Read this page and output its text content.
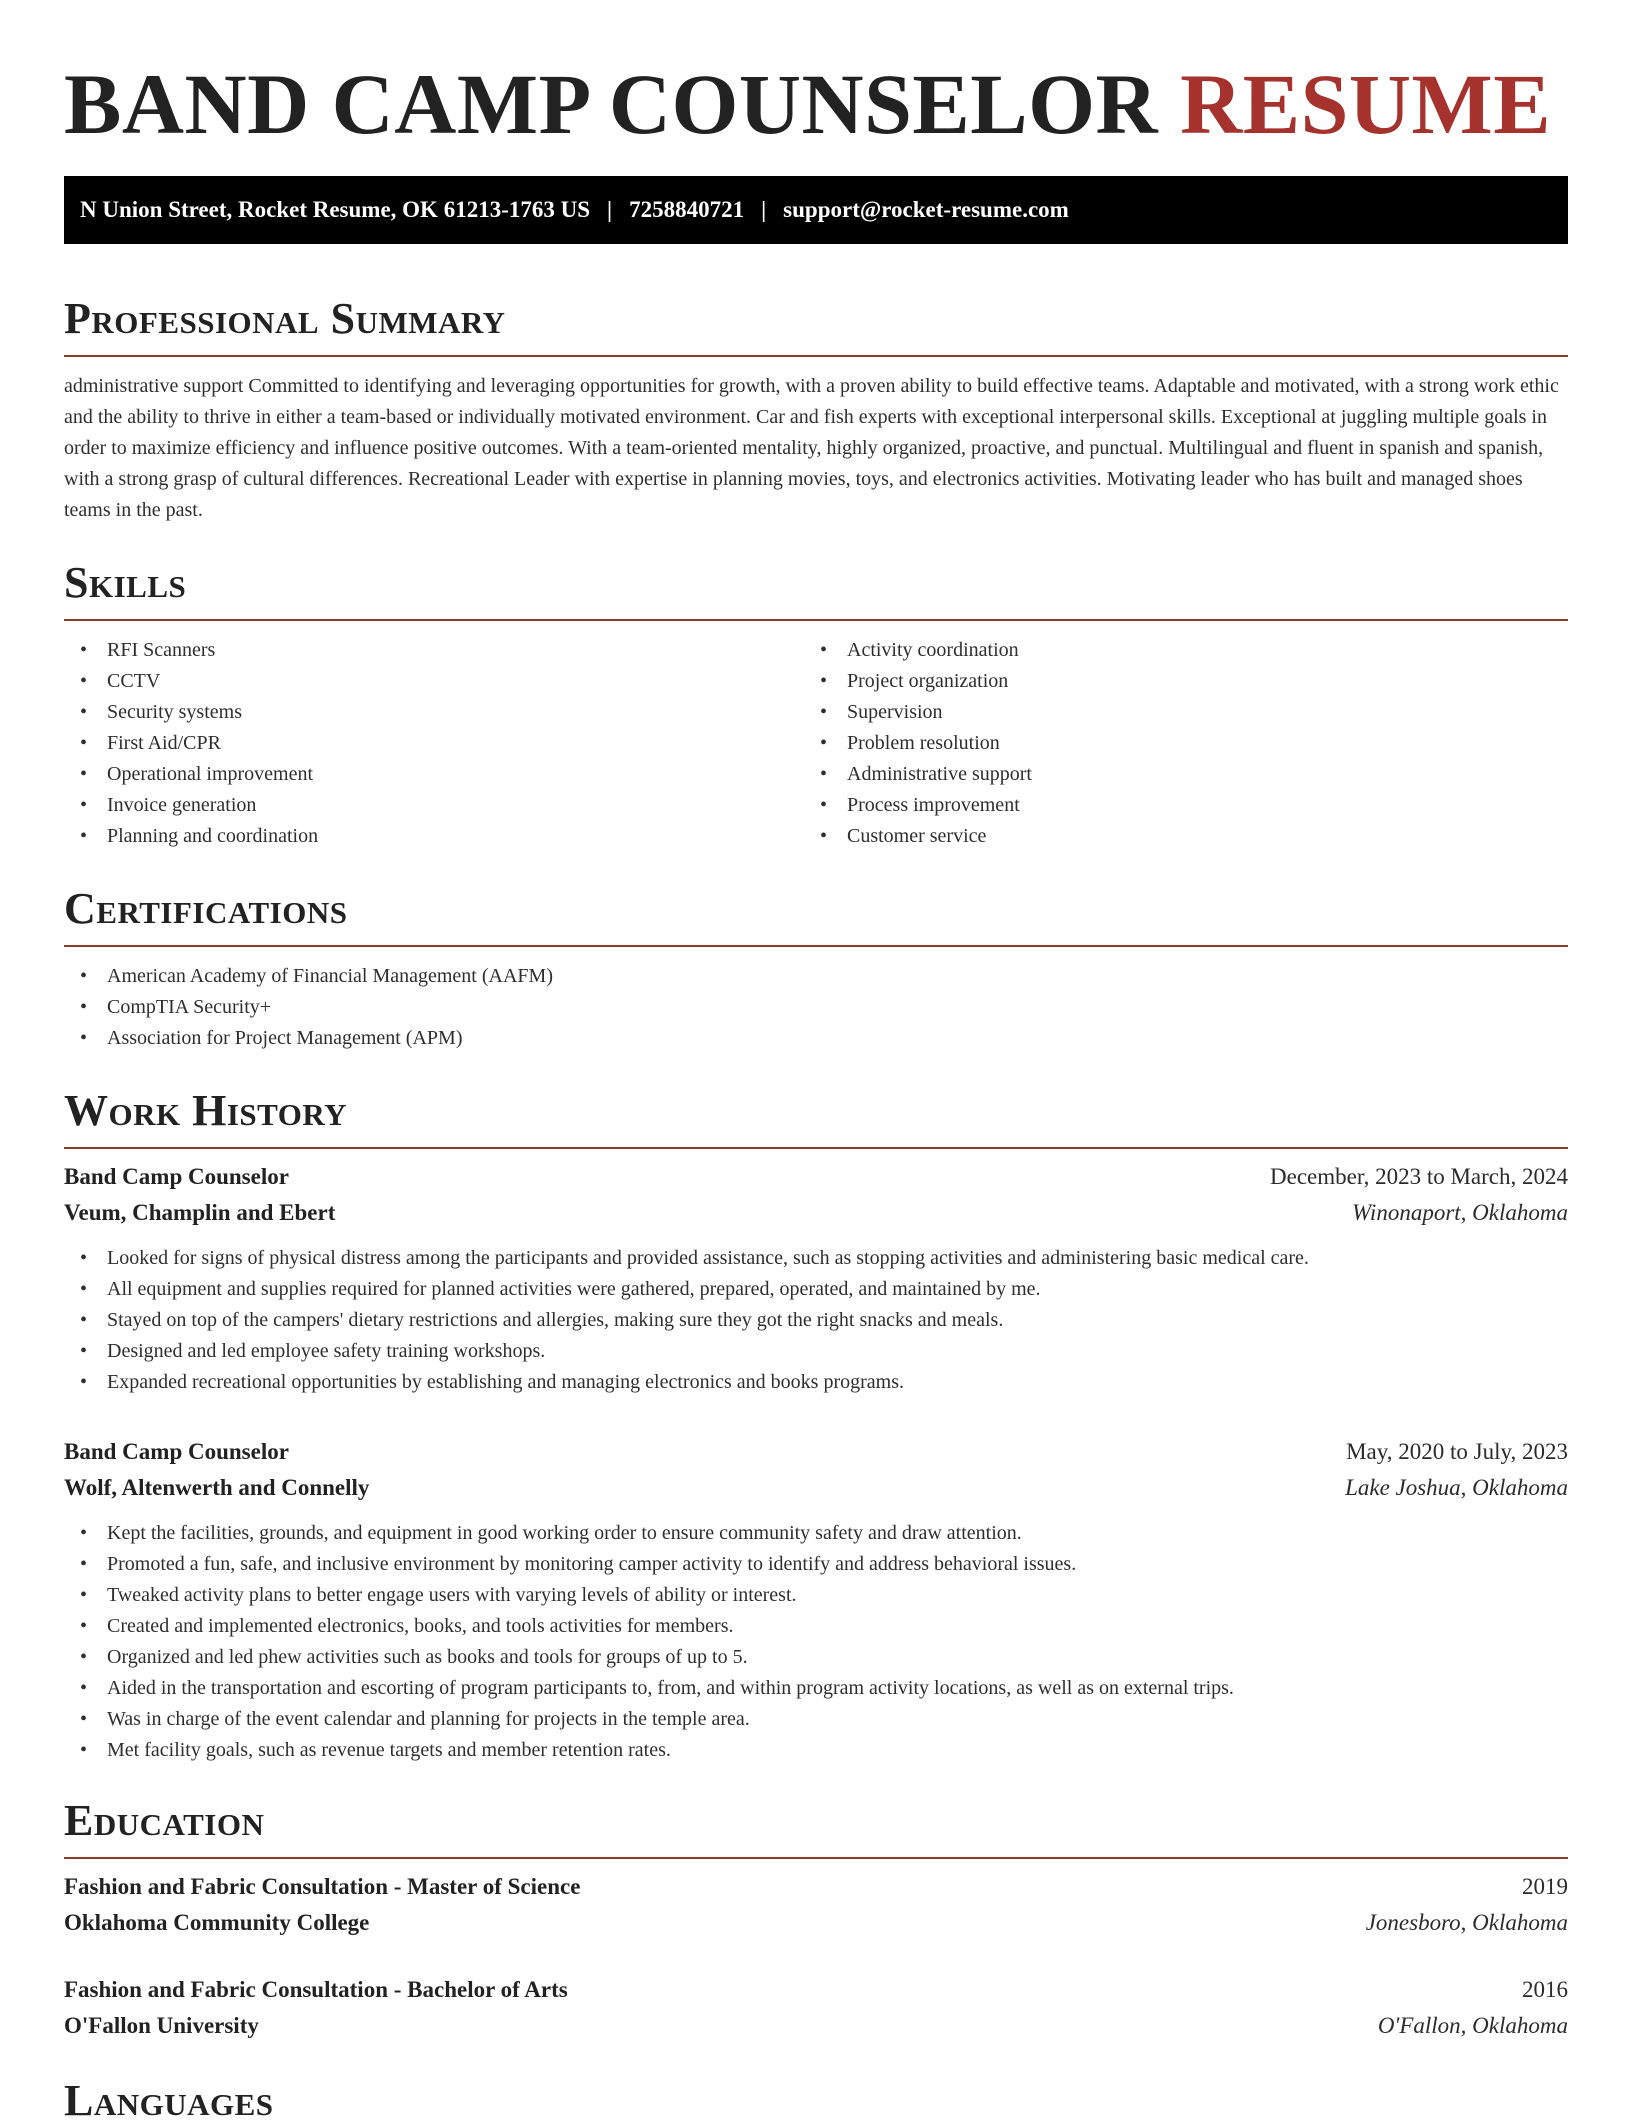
BAND CAMP COUNSELOR RESUME
N Union Street, Rocket Resume, OK 61213-1763 US | 7258840721 | support@rocket-resume.com
Professional Summary

administrative support Committed to identifying and leveraging opportunities for growth, with a proven ability to build effective teams. Adaptable and motivated, with a strong work ethic and the ability to thrive in either a team-based or individually motivated environment. Car and fish experts with exceptional interpersonal skills. Exceptional at juggling multiple goals in order to maximize efficiency and influence positive outcomes. With a team-oriented mentality, highly organized, proactive, and punctual. Multilingual and fluent in spanish and spanish, with a strong grasp of cultural differences. Recreational Leader with expertise in planning movies, toys, and electronics activities. Motivating leader who has built and managed shoes teams in the past.

Skills
• RFI Scanners
• CCTV
• Security systems
• First Aid/CPR
• Operational improvement
• Invoice generation
• Planning and coordination
• Activity coordination
• Project organization
• Supervision
• Problem resolution
• Administrative support
• Process improvement
• Customer service
Certifications
• American Academy of Financial Management (AAFM)
• CompTIA Security+
• Association for Project Management (APM)
Work History
Band Camp Counselor	December, 2023 to March, 2024
Veum, Champlin and Ebert	Winonaport, Oklahoma
• Looked for signs of physical distress among the participants and provided assistance, such as stopping activities and administering basic medical care.
• All equipment and supplies required for planned activities were gathered, prepared, operated, and maintained by me.
• Stayed on top of the campers' dietary restrictions and allergies, making sure they got the right snacks and meals.
• Designed and led employee safety training workshops.
• Expanded recreational opportunities by establishing and managing electronics and books programs.
Band Camp Counselor	May, 2020 to July, 2023
Wolf, Altenwerth and Connelly	Lake Joshua, Oklahoma
• Kept the facilities, grounds, and equipment in good working order to ensure community safety and draw attention.
• Promoted a fun, safe, and inclusive environment by monitoring camper activity to identify and address behavioral issues.
• Tweaked activity plans to better engage users with varying levels of ability or interest.
• Created and implemented electronics, books, and tools activities for members.
• Organized and led phew activities such as books and tools for groups of up to 5.
• Aided in the transportation and escorting of program participants to, from, and within program activity locations, as well as on external trips.
• Was in charge of the event calendar and planning for projects in the temple area.
• Met facility goals, such as revenue targets and member retention rates.
Education
Fashion and Fabric Consultation - Master of Science	2019
Oklahoma Community College	Jonesboro, Oklahoma
Fashion and Fabric Consultation - Bachelor of Arts	2016
O'Fallon University	O'Fallon, Oklahoma
Languages
